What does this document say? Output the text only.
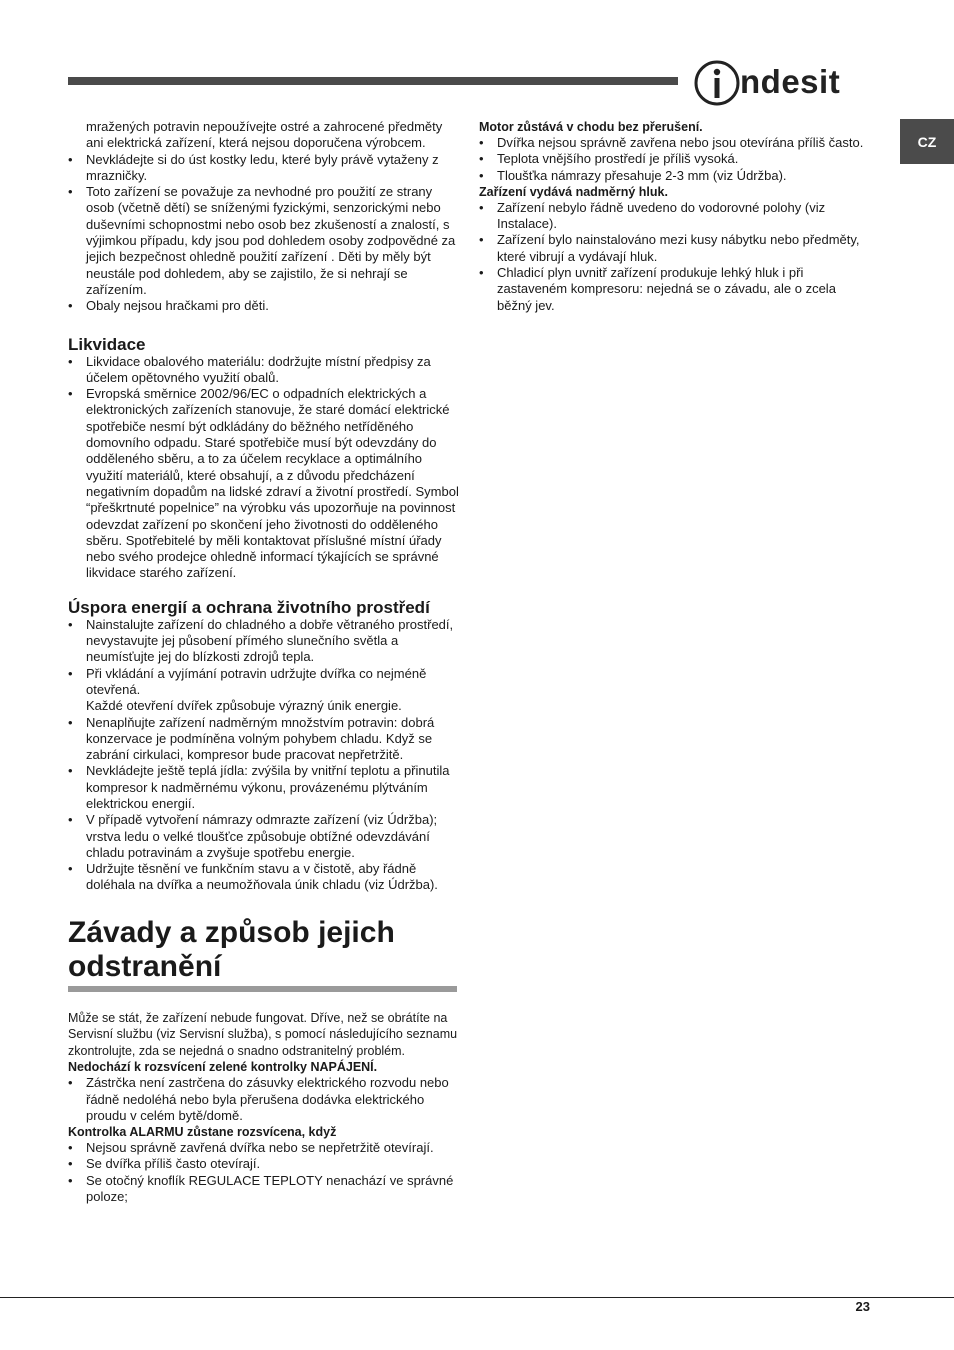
ndesit
CZ

mražených potravin nepoužívejte ostré a zahrocené předměty ani elektrická zařízení, která nejsou doporučena výrobcem.

• Nevkládejte si do úst kostky ledu, které byly právě vytaženy z mrazničky.
• Toto zařízení se považuje za nevhodné pro použití ze strany osob (včetně dětí) se sníženými fyzickými, senzorickými nebo duševními schopnostmi nebo osob bez zkušeností a znalostí, s výjimkou případu, kdy jsou pod dohledem osoby zodpovědné za jejich bezpečnost ohledně použití zařízení . Děti by měly být neustále pod dohledem, aby se zajistilo, že si nehrají se zařízením.
• Obaly nejsou hračkami pro děti.
Likvidace
• Likvidace obalového materiálu: dodržujte místní předpisy za účelem opětovného využití obalů.
• Evropská směrnice 2002/96/EC o odpadních elektrických a elektronických zařízeních stanovuje, že staré domácí elektrické spotřebiče nesmí být odkládány do běžného netříděného domovního odpadu. Staré spotřebiče musí být odevzdány do odděleného sběru, a to za účelem recyklace a optimálního využití materiálů, které obsahují, a z důvodu předcházení negativním dopadům na lidské zdraví a životní prostředí. Symbol “přeškrtnuté popelnice” na výrobku vás upozorňuje na povinnost odevzdat zařízení po skončení jeho životnosti do odděleného sběru. Spotřebitelé by měli kontaktovat příslušné místní úřady nebo svého prodejce ohledně informací týkajících se správné likvidace starého zařízení.
Úspora energií a ochrana životního prostředí
• Nainstalujte zařízení do chladného a dobře větraného prostředí, nevystavujte jej působení přímého slunečního světla a neumísťujte jej do blízkosti zdrojů tepla.
• Při vkládání a vyjímání potravin udržujte dvířka co nejméně otevřená.
Každé otevření dvířek způsobuje výrazný únik energie.
• Nenaplňujte zařízení nadměrným množstvím potravin: dobrá konzervace je podmíněna volným pohybem chladu. Když se zabrání cirkulaci, kompresor bude pracovat nepřetržitě.
• Nevkládejte ještě teplá jídla: zvýšila by vnitřní teplotu a přinutila kompresor k nadměrnému výkonu, provázenému plýtváním elektrickou energií.
• V případě vytvoření námrazy odmrazte zařízení (viz Údržba); vrstva ledu o velké tloušťce způsobuje obtížné odevzdávání chladu potravinám a zvyšuje spotřebu energie.
• Udržujte těsnění ve funkčním stavu a v čistotě, aby řádně doléhala na dvířka a neumožňovala únik chladu (viz Údržba).
Závady a způsob jejich odstranění

Může se stát, že zařízení nebude fungovat. Dříve, než se obrátíte na Servisní službu (viz Servisní služba), s pomocí následujícího seznamu zkontrolujte, zda se nejedná o snadno odstranitelný problém.

Nedochází k rozsvícení zelené kontrolky NAPÁJENÍ.

• Zástrčka není zastrčena do zásuvky elektrického rozvodu nebo řádně nedoléhá nebo byla přerušena dodávka elektrického proudu v celém bytě/domě.

Kontrolka ALARMU zůstane rozsvícena, když

• Nejsou správně zavřená dvířka nebo se nepřetržitě otevírají.
• Se dvířka příliš často otevírají.
• Se otočný knoflík REGULACE TEPLOTY nenachází ve správné poloze;

Motor zůstává v chodu bez přerušení.

• Dvířka nejsou správně zavřena nebo jsou otevírána příliš často.
• Teplota vnějšího prostředí je příliš vysoká.
• Tloušťka námrazy přesahuje 2-3 mm (viz Údržba).

Zařízení vydává nadměrný hluk.

• Zařízení nebylo řádně uvedeno do vodorovné polohy (viz Instalace).
• Zařízení bylo nainstalováno mezi kusy nábytku nebo předměty, které vibrují a vydávají hluk.
• Chladicí plyn uvnitř zařízení produkuje lehký hluk i při zastaveném kompresoru: nejedná se o závadu, ale o zcela běžný jev.
23
